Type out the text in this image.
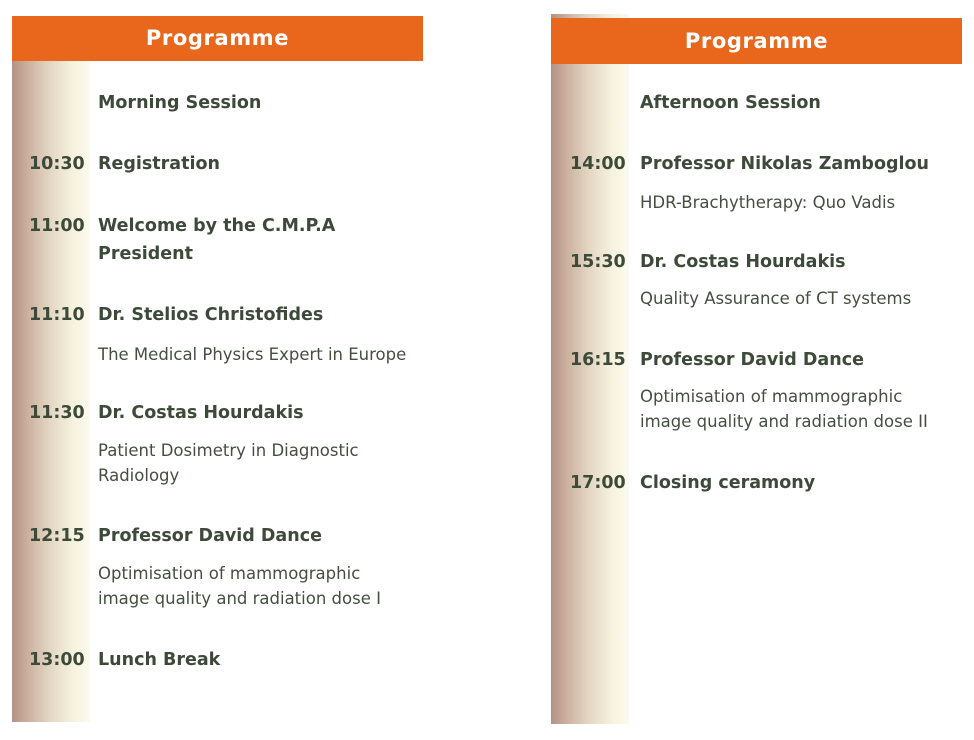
Programme
Morning Session
10:30 Registration
11:00 Welcome by the C.M.P.A President
11:10 Dr. Stelios Christofides
The Medical Physics Expert in Europe
11:30 Dr. Costas Hourdakis
Patient Dosimetry in Diagnostic Radiology
12:15 Professor David Dance
Optimisation of mammographic image quality and radiation dose I
13:00 Lunch Break
Programme
Afternoon Session
14:00 Professor Nikolas Zamboglou
HDR-Brachytherapy: Quo Vadis
15:30 Dr. Costas Hourdakis
Quality Assurance of CT systems
16:15 Professor David Dance
Optimisation of mammographic image quality and radiation dose II
17:00 Closing ceramony
